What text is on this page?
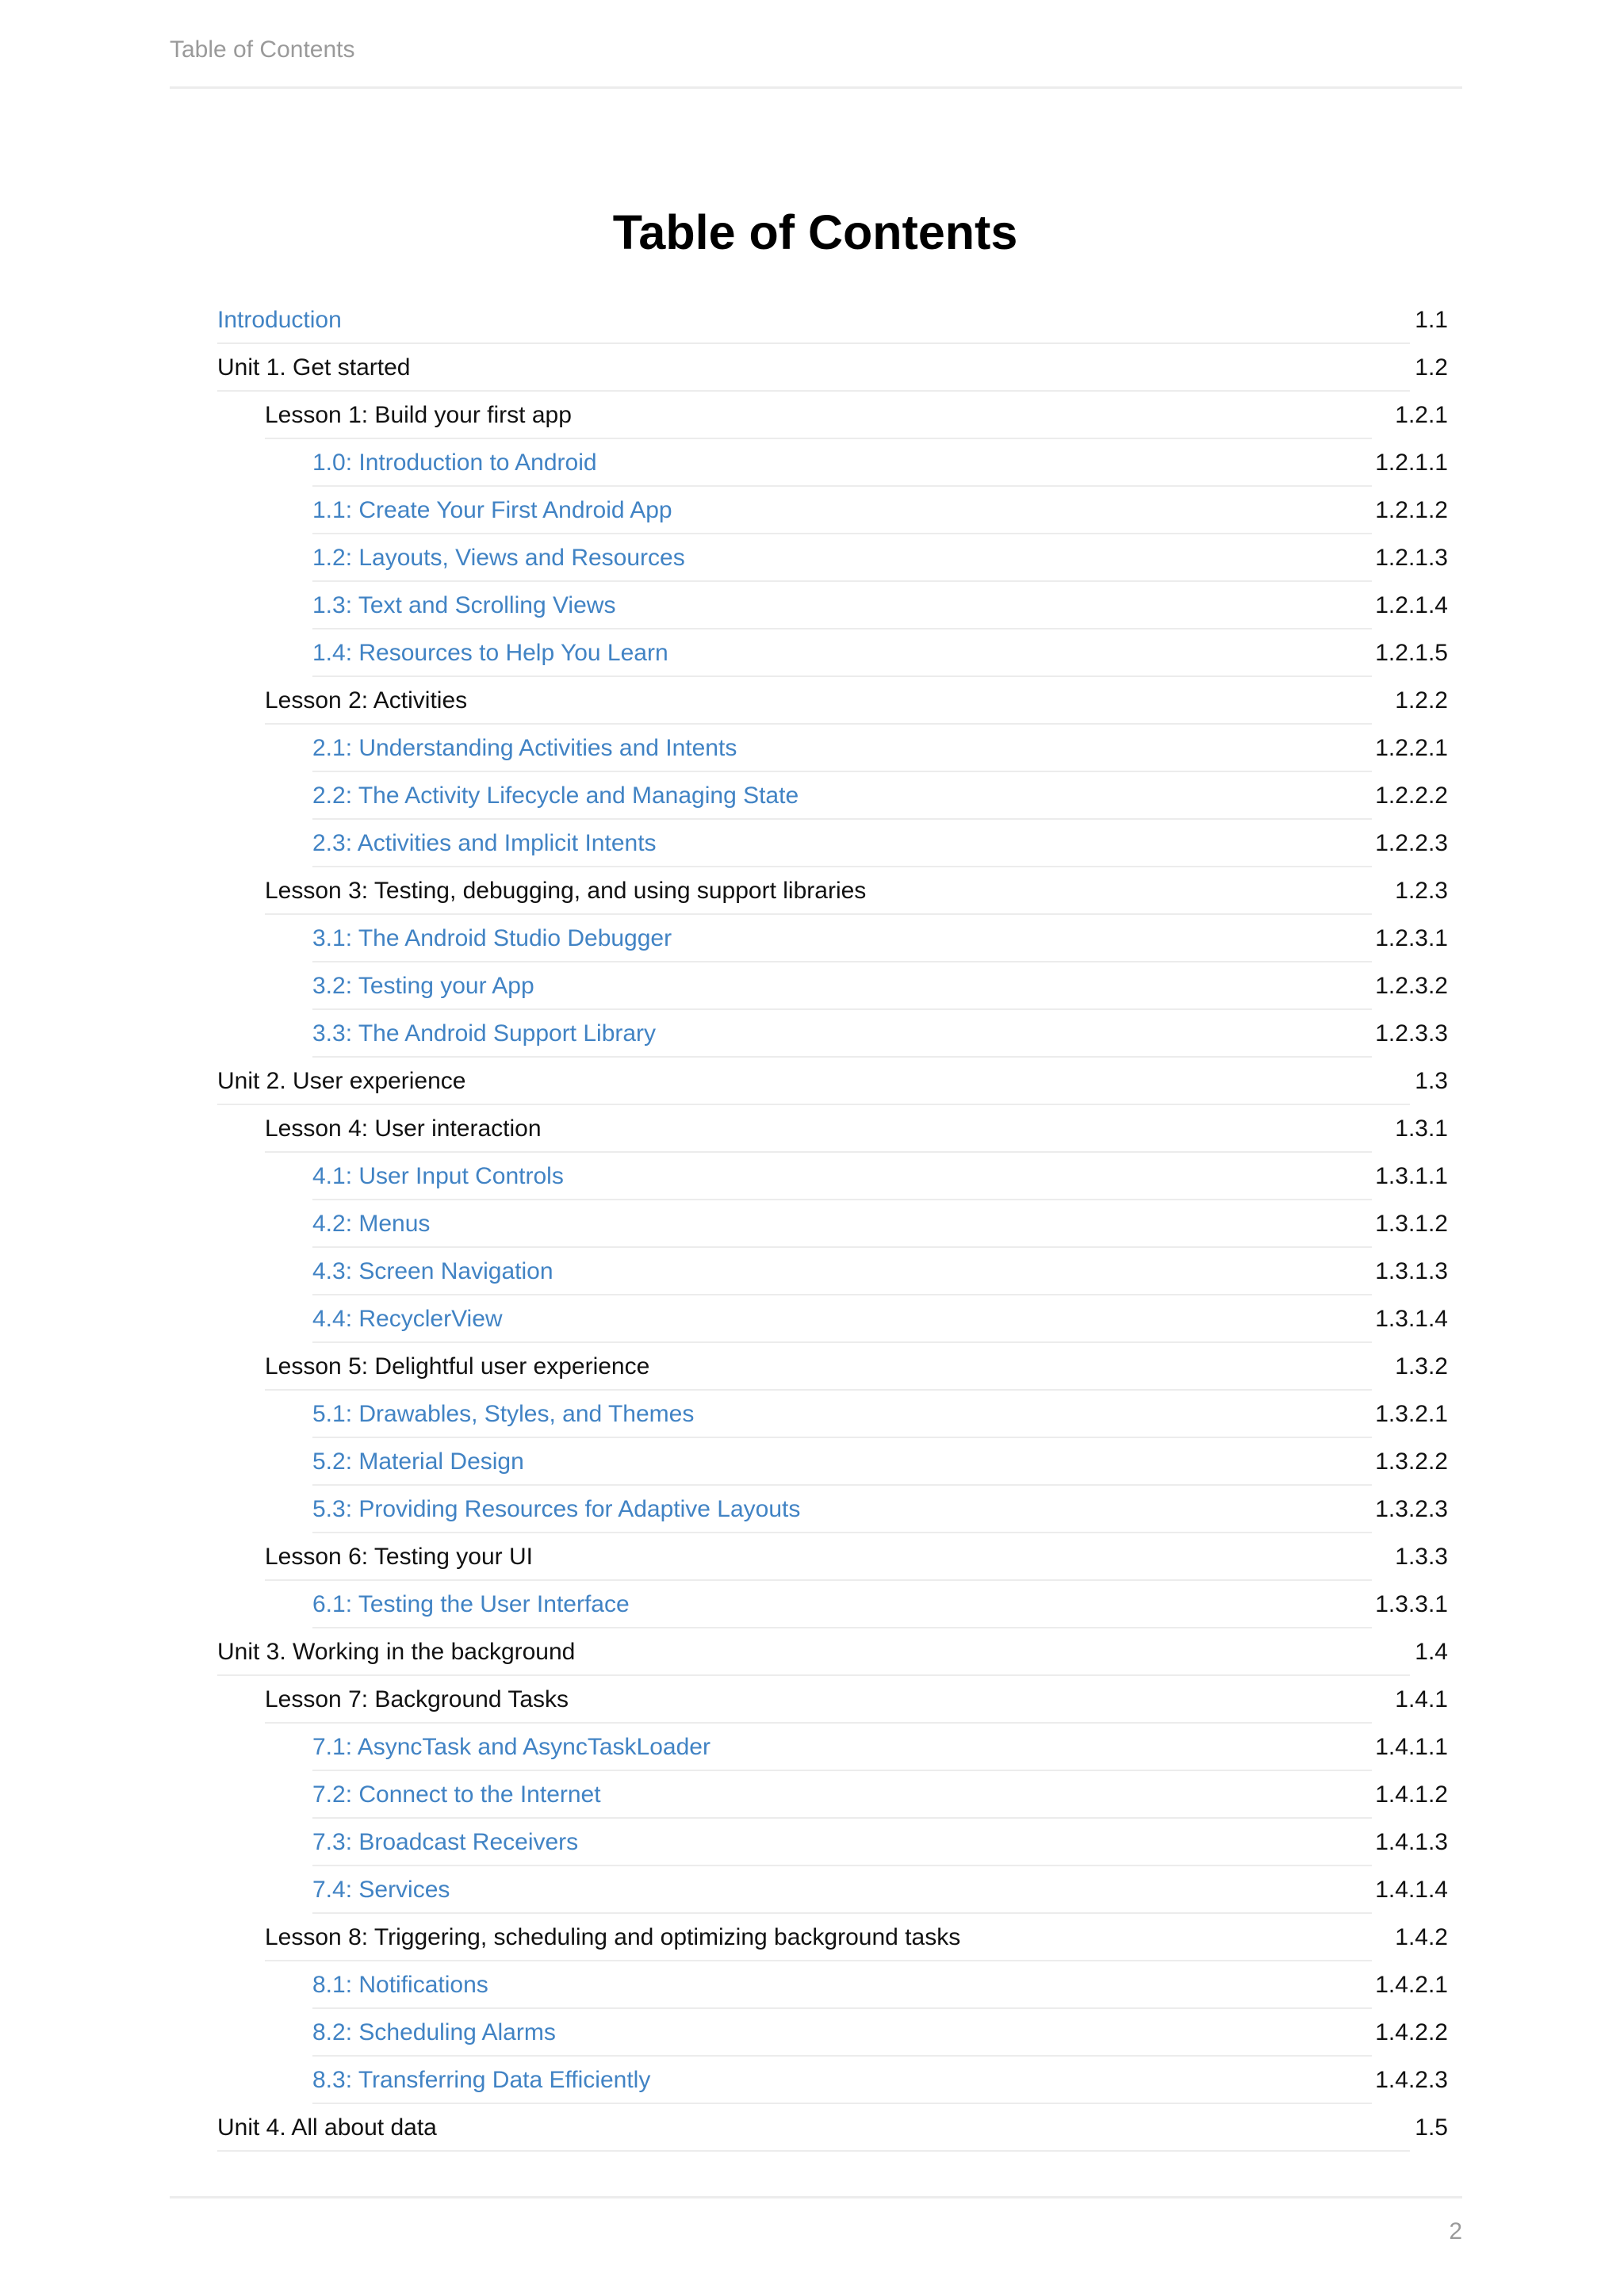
Table of Contents
Table of Contents
Introduction	1.1
Unit 1. Get started	1.2
Lesson 1: Build your first app	1.2.1
1.0: Introduction to Android	1.2.1.1
1.1: Create Your First Android App	1.2.1.2
1.2: Layouts, Views and Resources	1.2.1.3
1.3: Text and Scrolling Views	1.2.1.4
1.4: Resources to Help You Learn	1.2.1.5
Lesson 2: Activities	1.2.2
2.1: Understanding Activities and Intents	1.2.2.1
2.2: The Activity Lifecycle and Managing State	1.2.2.2
2.3: Activities and Implicit Intents	1.2.2.3
Lesson 3: Testing, debugging, and using support libraries	1.2.3
3.1: The Android Studio Debugger	1.2.3.1
3.2: Testing your App	1.2.3.2
3.3: The Android Support Library	1.2.3.3
Unit 2. User experience	1.3
Lesson 4: User interaction	1.3.1
4.1: User Input Controls	1.3.1.1
4.2: Menus	1.3.1.2
4.3: Screen Navigation	1.3.1.3
4.4: RecyclerView	1.3.1.4
Lesson 5: Delightful user experience	1.3.2
5.1: Drawables, Styles, and Themes	1.3.2.1
5.2: Material Design	1.3.2.2
5.3: Providing Resources for Adaptive Layouts	1.3.2.3
Lesson 6: Testing your UI	1.3.3
6.1: Testing the User Interface	1.3.3.1
Unit 3. Working in the background	1.4
Lesson 7: Background Tasks	1.4.1
7.1: AsyncTask and AsyncTaskLoader	1.4.1.1
7.2: Connect to the Internet	1.4.1.2
7.3: Broadcast Receivers	1.4.1.3
7.4: Services	1.4.1.4
Lesson 8: Triggering, scheduling and optimizing background tasks	1.4.2
8.1: Notifications	1.4.2.1
8.2: Scheduling Alarms	1.4.2.2
8.3: Transferring Data Efficiently	1.4.2.3
Unit 4. All about data	1.5
2
